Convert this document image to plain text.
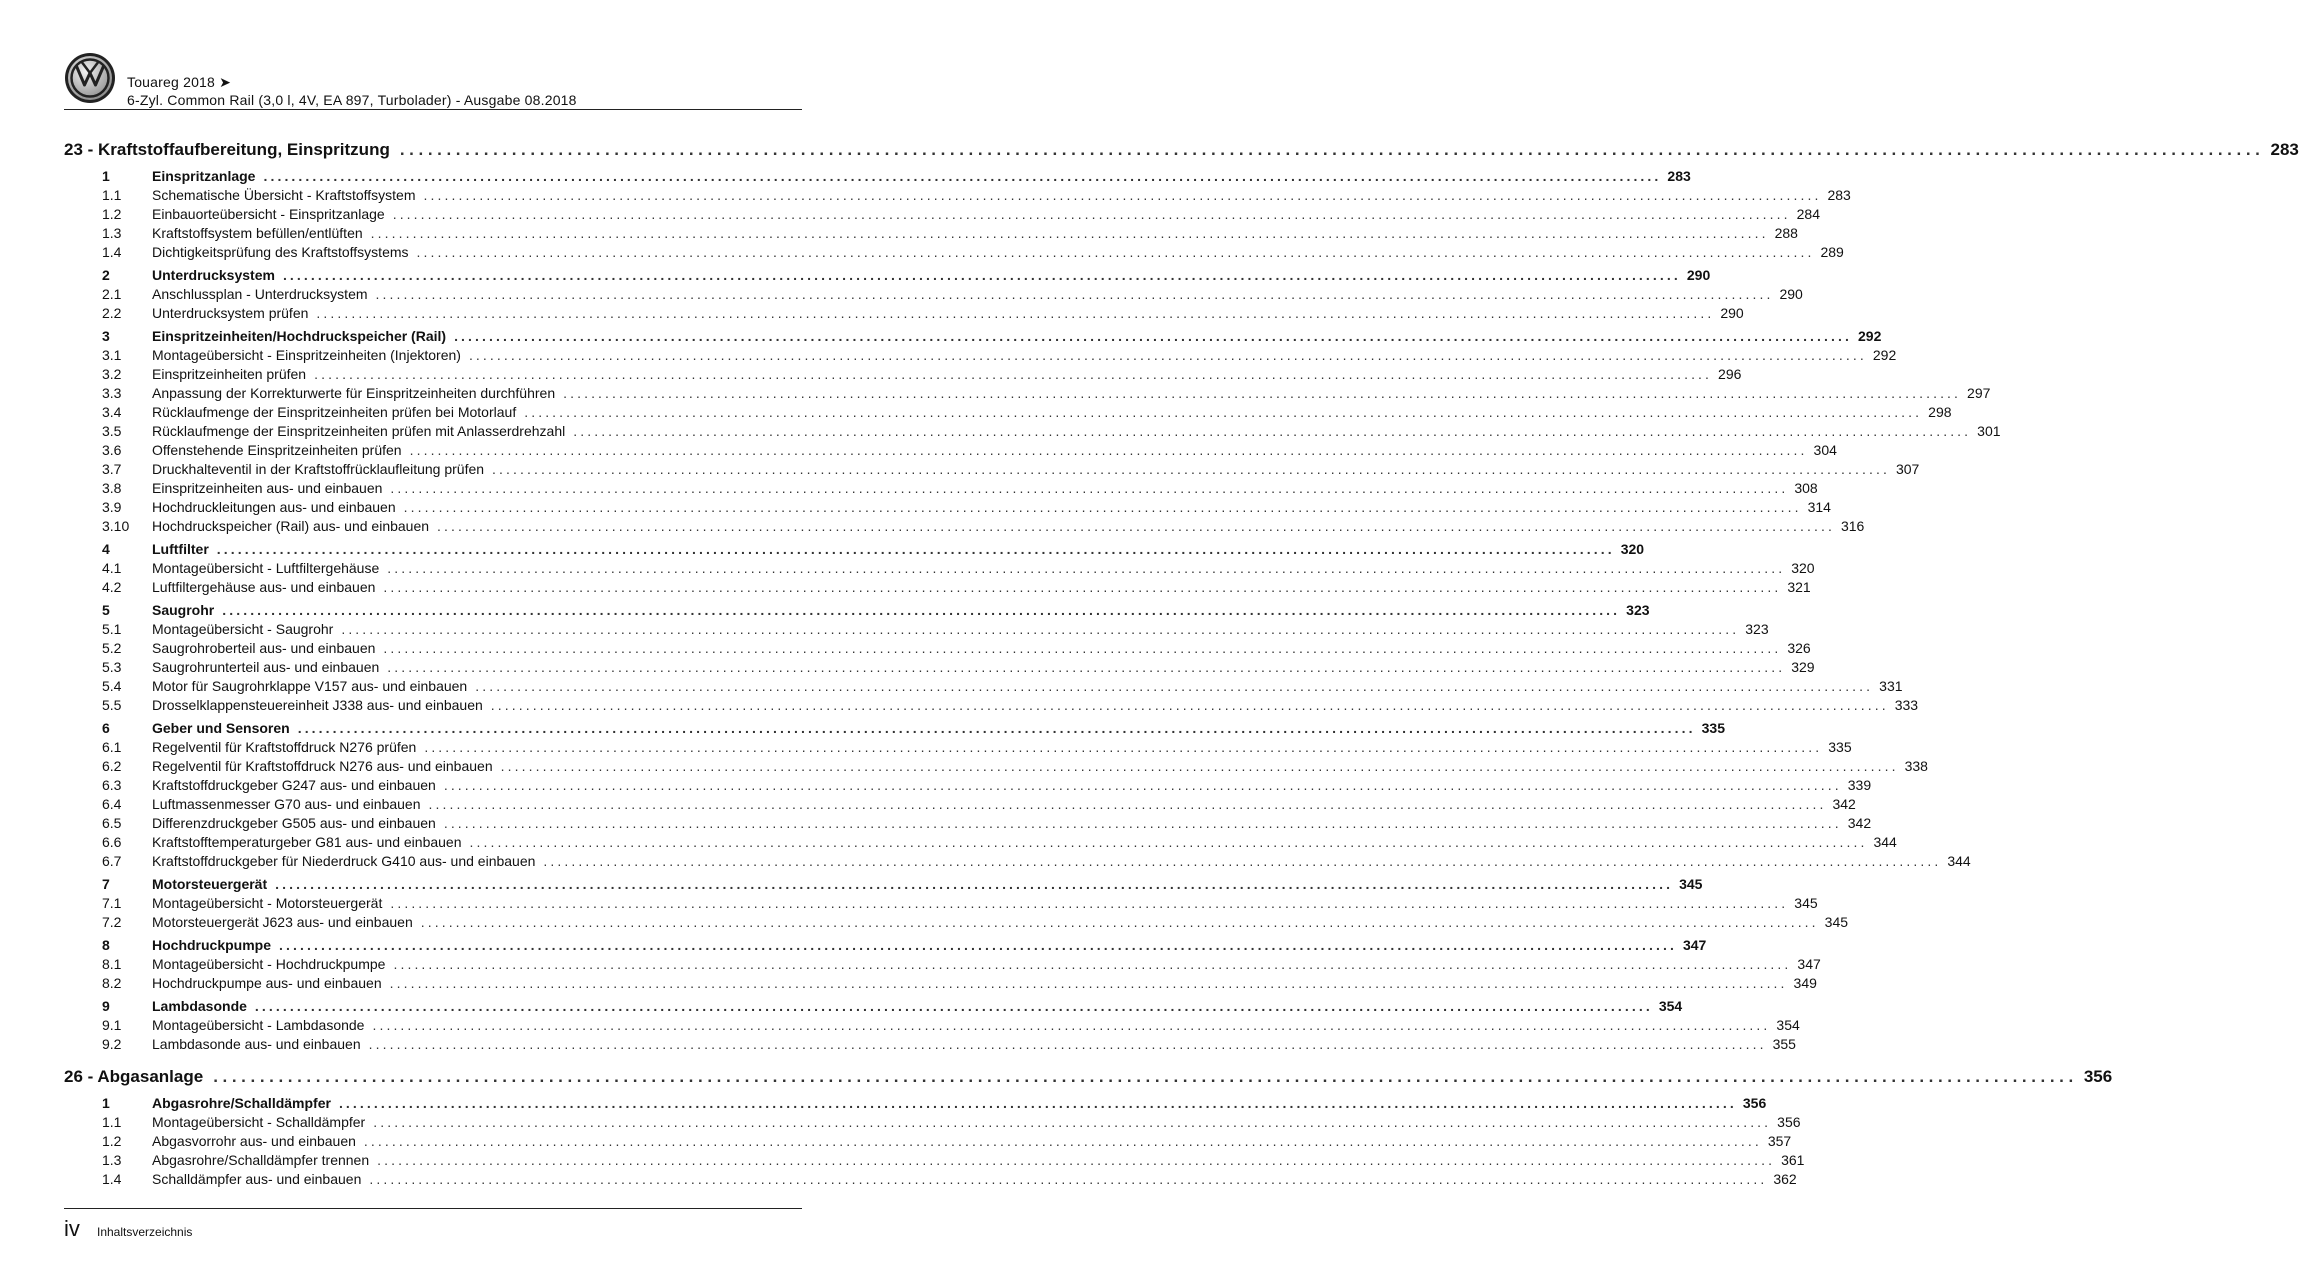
Touareg 2018 ➤
6-Zyl. Common Rail (3,0 l, 4V, EA 897, Turbolader) - Ausgabe 08.2018
23 - Kraftstoffaufbereitung, Einspritzung ........................................................................................................................................................................................................ 283
1	Einspritzanlage ........................................................................................................................................................................................................ 283
1.1	Schematische Übersicht - Kraftstoffsystem ........................................................................................................................................................................................................ 283
1.2	Einbauorteübersicht - Einspritzanlage ........................................................................................................................................................................................................ 284
1.3	Kraftstoffsystem befüllen/entlüften ........................................................................................................................................................................................................ 288
1.4	Dichtigkeitsprüfung des Kraftstoffsystems ........................................................................................................................................................................................................ 289
2	Unterdrucksystem ........................................................................................................................................................................................................ 290
2.1	Anschlussplan - Unterdrucksystem ........................................................................................................................................................................................................ 290
2.2	Unterdrucksystem prüfen ........................................................................................................................................................................................................ 290
3	Einspritzeinheiten/Hochdruckspeicher (Rail) ........................................................................................................................................................................................................ 292
3.1	Montageübersicht - Einspritzeinheiten (Injektoren) ........................................................................................................................................................................................................ 292
3.2	Einspritzeinheiten prüfen ........................................................................................................................................................................................................ 296
3.3	Anpassung der Korrekturwerte für Einspritzeinheiten durchführen ........................................................................................................................................................................................................ 297
3.4	Rücklaufmenge der Einspritzeinheiten prüfen bei Motorlauf ........................................................................................................................................................................................................ 298
3.5	Rücklaufmenge der Einspritzeinheiten prüfen mit Anlasserdrehzahl ........................................................................................................................................................................................................ 301
3.6	Offenstehende Einspritzeinheiten prüfen ........................................................................................................................................................................................................ 304
3.7	Druckhalteventil in der Kraftstoffrücklaufleitung prüfen ........................................................................................................................................................................................................ 307
3.8	Einspritzeinheiten aus- und einbauen ........................................................................................................................................................................................................ 308
3.9	Hochdruckleitungen aus- und einbauen ........................................................................................................................................................................................................ 314
3.10	Hochdruckspeicher (Rail) aus- und einbauen ........................................................................................................................................................................................................ 316
4	Luftfilter ........................................................................................................................................................................................................ 320
4.1	Montageübersicht - Luftfiltergehäuse ........................................................................................................................................................................................................ 320
4.2	Luftfiltergehäuse aus- und einbauen ........................................................................................................................................................................................................ 321
5	Saugrohr ........................................................................................................................................................................................................ 323
5.1	Montageübersicht - Saugrohr ........................................................................................................................................................................................................ 323
5.2	Saugrohroberteil aus- und einbauen ........................................................................................................................................................................................................ 326
5.3	Saugrohrunterteil aus- und einbauen ........................................................................................................................................................................................................ 329
5.4	Motor für Saugrohrklappe V157 aus- und einbauen ........................................................................................................................................................................................................ 331
5.5	Drosselklappensteuereinheit J338 aus- und einbauen ........................................................................................................................................................................................................ 333
6	Geber und Sensoren ........................................................................................................................................................................................................ 335
6.1	Regelventil für Kraftstoffdruck N276 prüfen ........................................................................................................................................................................................................ 335
6.2	Regelventil für Kraftstoffdruck N276 aus- und einbauen ........................................................................................................................................................................................................ 338
6.3	Kraftstoffdruckgeber G247 aus- und einbauen ........................................................................................................................................................................................................ 339
6.4	Luftmassenmesser G70 aus- und einbauen ........................................................................................................................................................................................................ 342
6.5	Differenzdruckgeber G505 aus- und einbauen ........................................................................................................................................................................................................ 342
6.6	Kraftstofftemperaturgeber G81 aus- und einbauen ........................................................................................................................................................................................................ 344
6.7	Kraftstoffdruckgeber für Niederdruck G410 aus- und einbauen ........................................................................................................................................................................................................ 344
7	Motorsteuergerät ........................................................................................................................................................................................................ 345
7.1	Montageübersicht - Motorsteuergerät ........................................................................................................................................................................................................ 345
7.2	Motorsteuergerät J623 aus- und einbauen ........................................................................................................................................................................................................ 345
8	Hochdruckpumpe ........................................................................................................................................................................................................ 347
8.1	Montageübersicht - Hochdruckpumpe ........................................................................................................................................................................................................ 347
8.2	Hochdruckpumpe aus- und einbauen ........................................................................................................................................................................................................ 349
9	Lambdasonde ........................................................................................................................................................................................................ 354
9.1	Montageübersicht - Lambdasonde ........................................................................................................................................................................................................ 354
9.2	Lambdasonde aus- und einbauen ........................................................................................................................................................................................................ 355
26 - Abgasanlage ........................................................................................................................................................................................................ 356
1	Abgasrohre/Schalldämpfer ........................................................................................................................................................................................................ 356
1.1	Montageübersicht - Schalldämpfer ........................................................................................................................................................................................................ 356
1.2	Abgasvorrohr aus- und einbauen ........................................................................................................................................................................................................ 357
1.3	Abgasrohre/Schalldämpfer trennen ........................................................................................................................................................................................................ 361
1.4	Schalldämpfer aus- und einbauen ........................................................................................................................................................................................................ 362
iv Inhaltsverzeichnis
